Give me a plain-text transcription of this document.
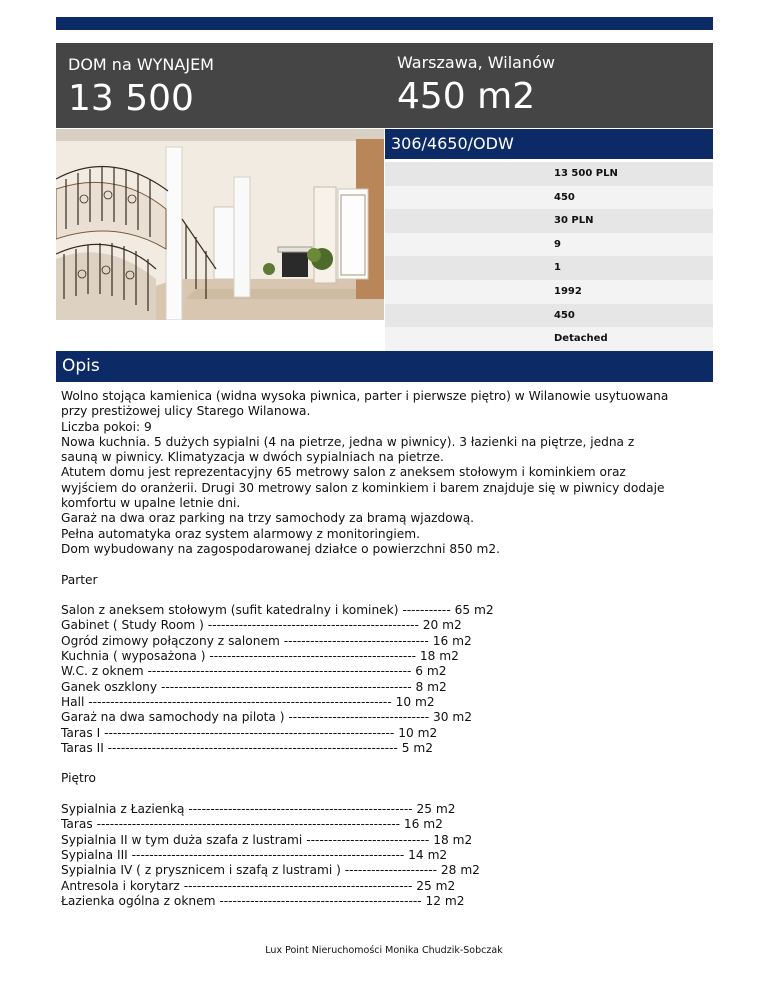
DOM na WYNAJEM
13 500
Warszawa, Wilanów
450 m2
306/4650/ODW
13 500 PLN
450
30 PLN
9
1
1992
450
Detached
Opis
Wolno stojąca kamienica (widna wysoka piwnica, parter i pierwsze piętro) w Wilanowie usytuowana
przy prestiżowej ulicy Starego Wilanowa.
Liczba pokoi: 9
Nowa kuchnia. 5 dużych sypialni (4 na pietrze, jedna w piwnicy). 3 łazienki na piętrze, jedna z
sauną w piwnicy. Klimatyzacja w dwóch sypialniach na pietrze.
Atutem domu jest reprezentacyjny 65 metrowy salon z aneksem stołowym i kominkiem oraz
wyjściem do oranżerii. Drugi 30 metrowy salon z kominkiem i barem znajduje się w piwnicy dodaje
komfortu w upalne letnie dni.
Garaż na dwa oraz parking na trzy samochody za bramą wjazdową.
Pełna automatyka oraz system alarmowy z monitoringiem.
Dom wybudowany na zagospodarowanej działce o powierzchni 850 m2.

Parter

Salon z aneksem stołowym (sufit katedralny i kominek) ----------- 65 m2
Gabinet ( Study Room ) ------------------------------------------------ 20 m2
Ogród zimowy połączony z salonem --------------------------------- 16 m2
Kuchnia ( wyposażona ) ----------------------------------------------- 18 m2
W.C. z oknem ------------------------------------------------------------ 6 m2
Ganek oszklony --------------------------------------------------------- 8 m2
Hall --------------------------------------------------------------------- 10 m2
Garaż na dwa samochody na pilota ) -------------------------------- 30 m2
Taras I ------------------------------------------------------------------ 10 m2
Taras II ------------------------------------------------------------------ 5 m2

Piętro

Sypialnia z Łazienką --------------------------------------------------- 25 m2
Taras --------------------------------------------------------------------- 16 m2
Sypialnia II w tym duża szafa z lustrami ---------------------------- 18 m2
Sypialna III -------------------------------------------------------------- 14 m2
Sypialnia IV ( z prysznicem i szafą z lustrami ) --------------------- 28 m2
Antresola i korytarz ---------------------------------------------------- 25 m2
Łazienka ogólna z oknem ---------------------------------------------- 12 m2
Lux Point Nieruchomości Monika Chudzik-Sobczak
